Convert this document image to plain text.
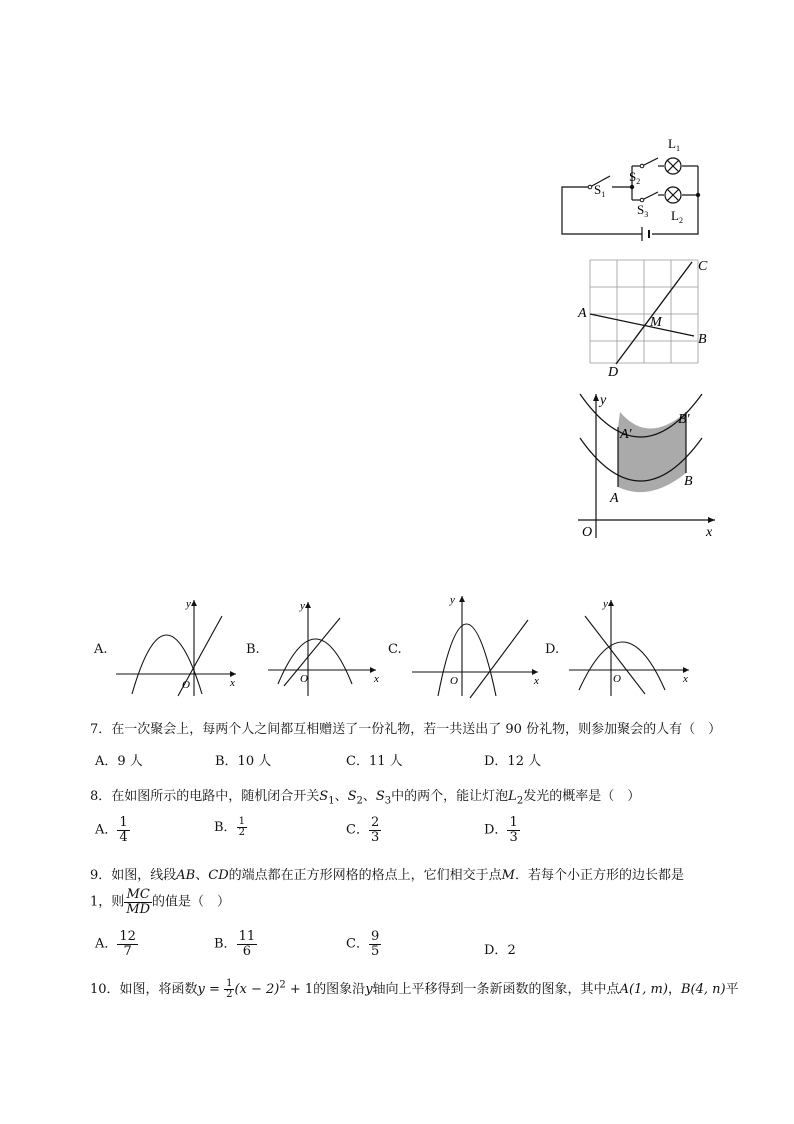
$L_1$
$S_1$
$S_2$
$S_3$ $L_2$
A
B
C
D
M
y
x
O
A
A′
B
B′
A.
y
x
O
B.
y
x
O
C.
y
x
O
D.
y
x
O
7．在一次聚会上，每两个人之间都互相赠送了一份礼物，若一共送出了 90 份礼物，则参加聚会的人有（　）
A．9 人	B．10 人	C．11 人	D．12 人
8．在如图所示的电路中，随机闭合开关$S_1$、$S_2$、$S_3$中的两个，能让灯泡$L_2$发光的概率是（　）
A． $\frac{1}{4}$	B． $\frac{1}{2}$	C． $\frac{2}{3}$	D． $\frac{1}{3}$
9．如图，线段AB、CD的端点都在正方形网格的格点上，它们相交于点M．若每个小正方形的边长都是
1，则 $\frac{MC}{MD}$ 的值是（　）
A． $\frac{12}{7}$	B． $\frac{11}{6}$	C． $\frac{9}{5}$	D．2
10．如图，将函数$y = \frac{1}{2} (x - 2)^2 + 1$的图象沿y轴向上平移得到一条新函数的图象，其中点A(1, m)，B(4, n)平
